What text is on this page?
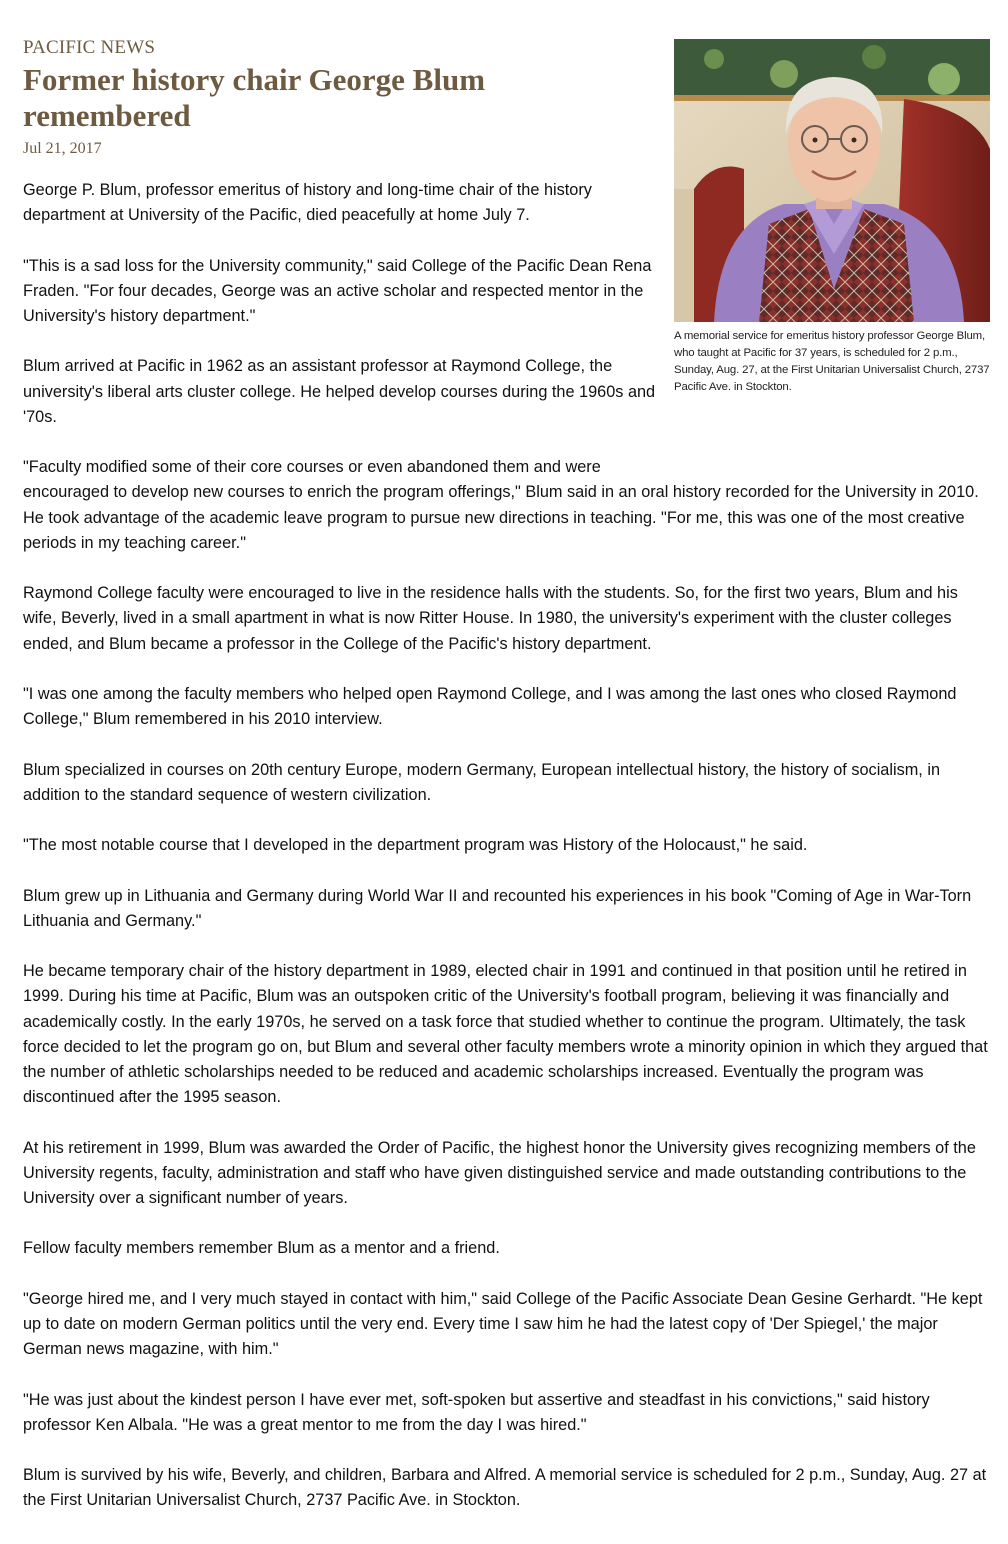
PACIFIC NEWS
Former history chair George Blum remembered
Jul 21, 2017
A memorial service for emeritus history professor George Blum, who taught at Pacific for 37 years, is scheduled for 2 p.m., Sunday, Aug. 27, at the First Unitarian Universalist Church, 2737 Pacific Ave. in Stockton.

George P. Blum, professor emeritus of history and long-time chair of the history department at University of the Pacific, died peacefully at home July 7.

"This is a sad loss for the University community," said College of the Pacific Dean Rena Fraden. "For four decades, George was an active scholar and respected mentor in the University's history department."

Blum arrived at Pacific in 1962 as an assistant professor at Raymond College, the university's liberal arts cluster college. He helped develop courses during the 1960s and '70s.

"Faculty modified some of their core courses or even abandoned them and were encouraged to develop new courses to enrich the program offerings," Blum said in an oral history recorded for the University in 2010. He took advantage of the academic leave program to pursue new directions in teaching. "For me, this was one of the most creative periods in my teaching career."

Raymond College faculty were encouraged to live in the residence halls with the students. So, for the first two years, Blum and his wife, Beverly, lived in a small apartment in what is now Ritter House. In 1980, the university's experiment with the cluster colleges ended, and Blum became a professor in the College of the Pacific's history department.

"I was one among the faculty members who helped open Raymond College, and I was among the last ones who closed Raymond College," Blum remembered in his 2010 interview.

Blum specialized in courses on 20th century Europe, modern Germany, European intellectual history, the history of socialism, in addition to the standard sequence of western civilization.

"The most notable course that I developed in the department program was History of the Holocaust," he said.

Blum grew up in Lithuania and Germany during World War II and recounted his experiences in his book "Coming of Age in War-Torn Lithuania and Germany."

He became temporary chair of the history department in 1989, elected chair in 1991 and continued in that position until he retired in 1999. During his time at Pacific, Blum was an outspoken critic of the University's football program, believing it was financially and academically costly. In the early 1970s, he served on a task force that studied whether to continue the program. Ultimately, the task force decided to let the program go on, but Blum and several other faculty members wrote a minority opinion in which they argued that the number of athletic scholarships needed to be reduced and academic scholarships increased. Eventually the program was discontinued after the 1995 season.

At his retirement in 1999, Blum was awarded the Order of Pacific, the highest honor the University gives recognizing members of the University regents, faculty, administration and staff who have given distinguished service and made outstanding contributions to the University over a significant number of years.

Fellow faculty members remember Blum as a mentor and a friend.

"George hired me, and I very much stayed in contact with him," said College of the Pacific Associate Dean Gesine Gerhardt. "He kept up to date on modern German politics until the very end. Every time I saw him he had the latest copy of 'Der Spiegel,' the major German news magazine, with him."

"He was just about the kindest person I have ever met, soft-spoken but assertive and steadfast in his convictions," said history professor Ken Albala. "He was a great mentor to me from the day I was hired."

Blum is survived by his wife, Beverly, and children, Barbara and Alfred. A memorial service is scheduled for 2 p.m., Sunday, Aug. 27 at the First Unitarian Universalist Church, 2737 Pacific Ave. in Stockton.
